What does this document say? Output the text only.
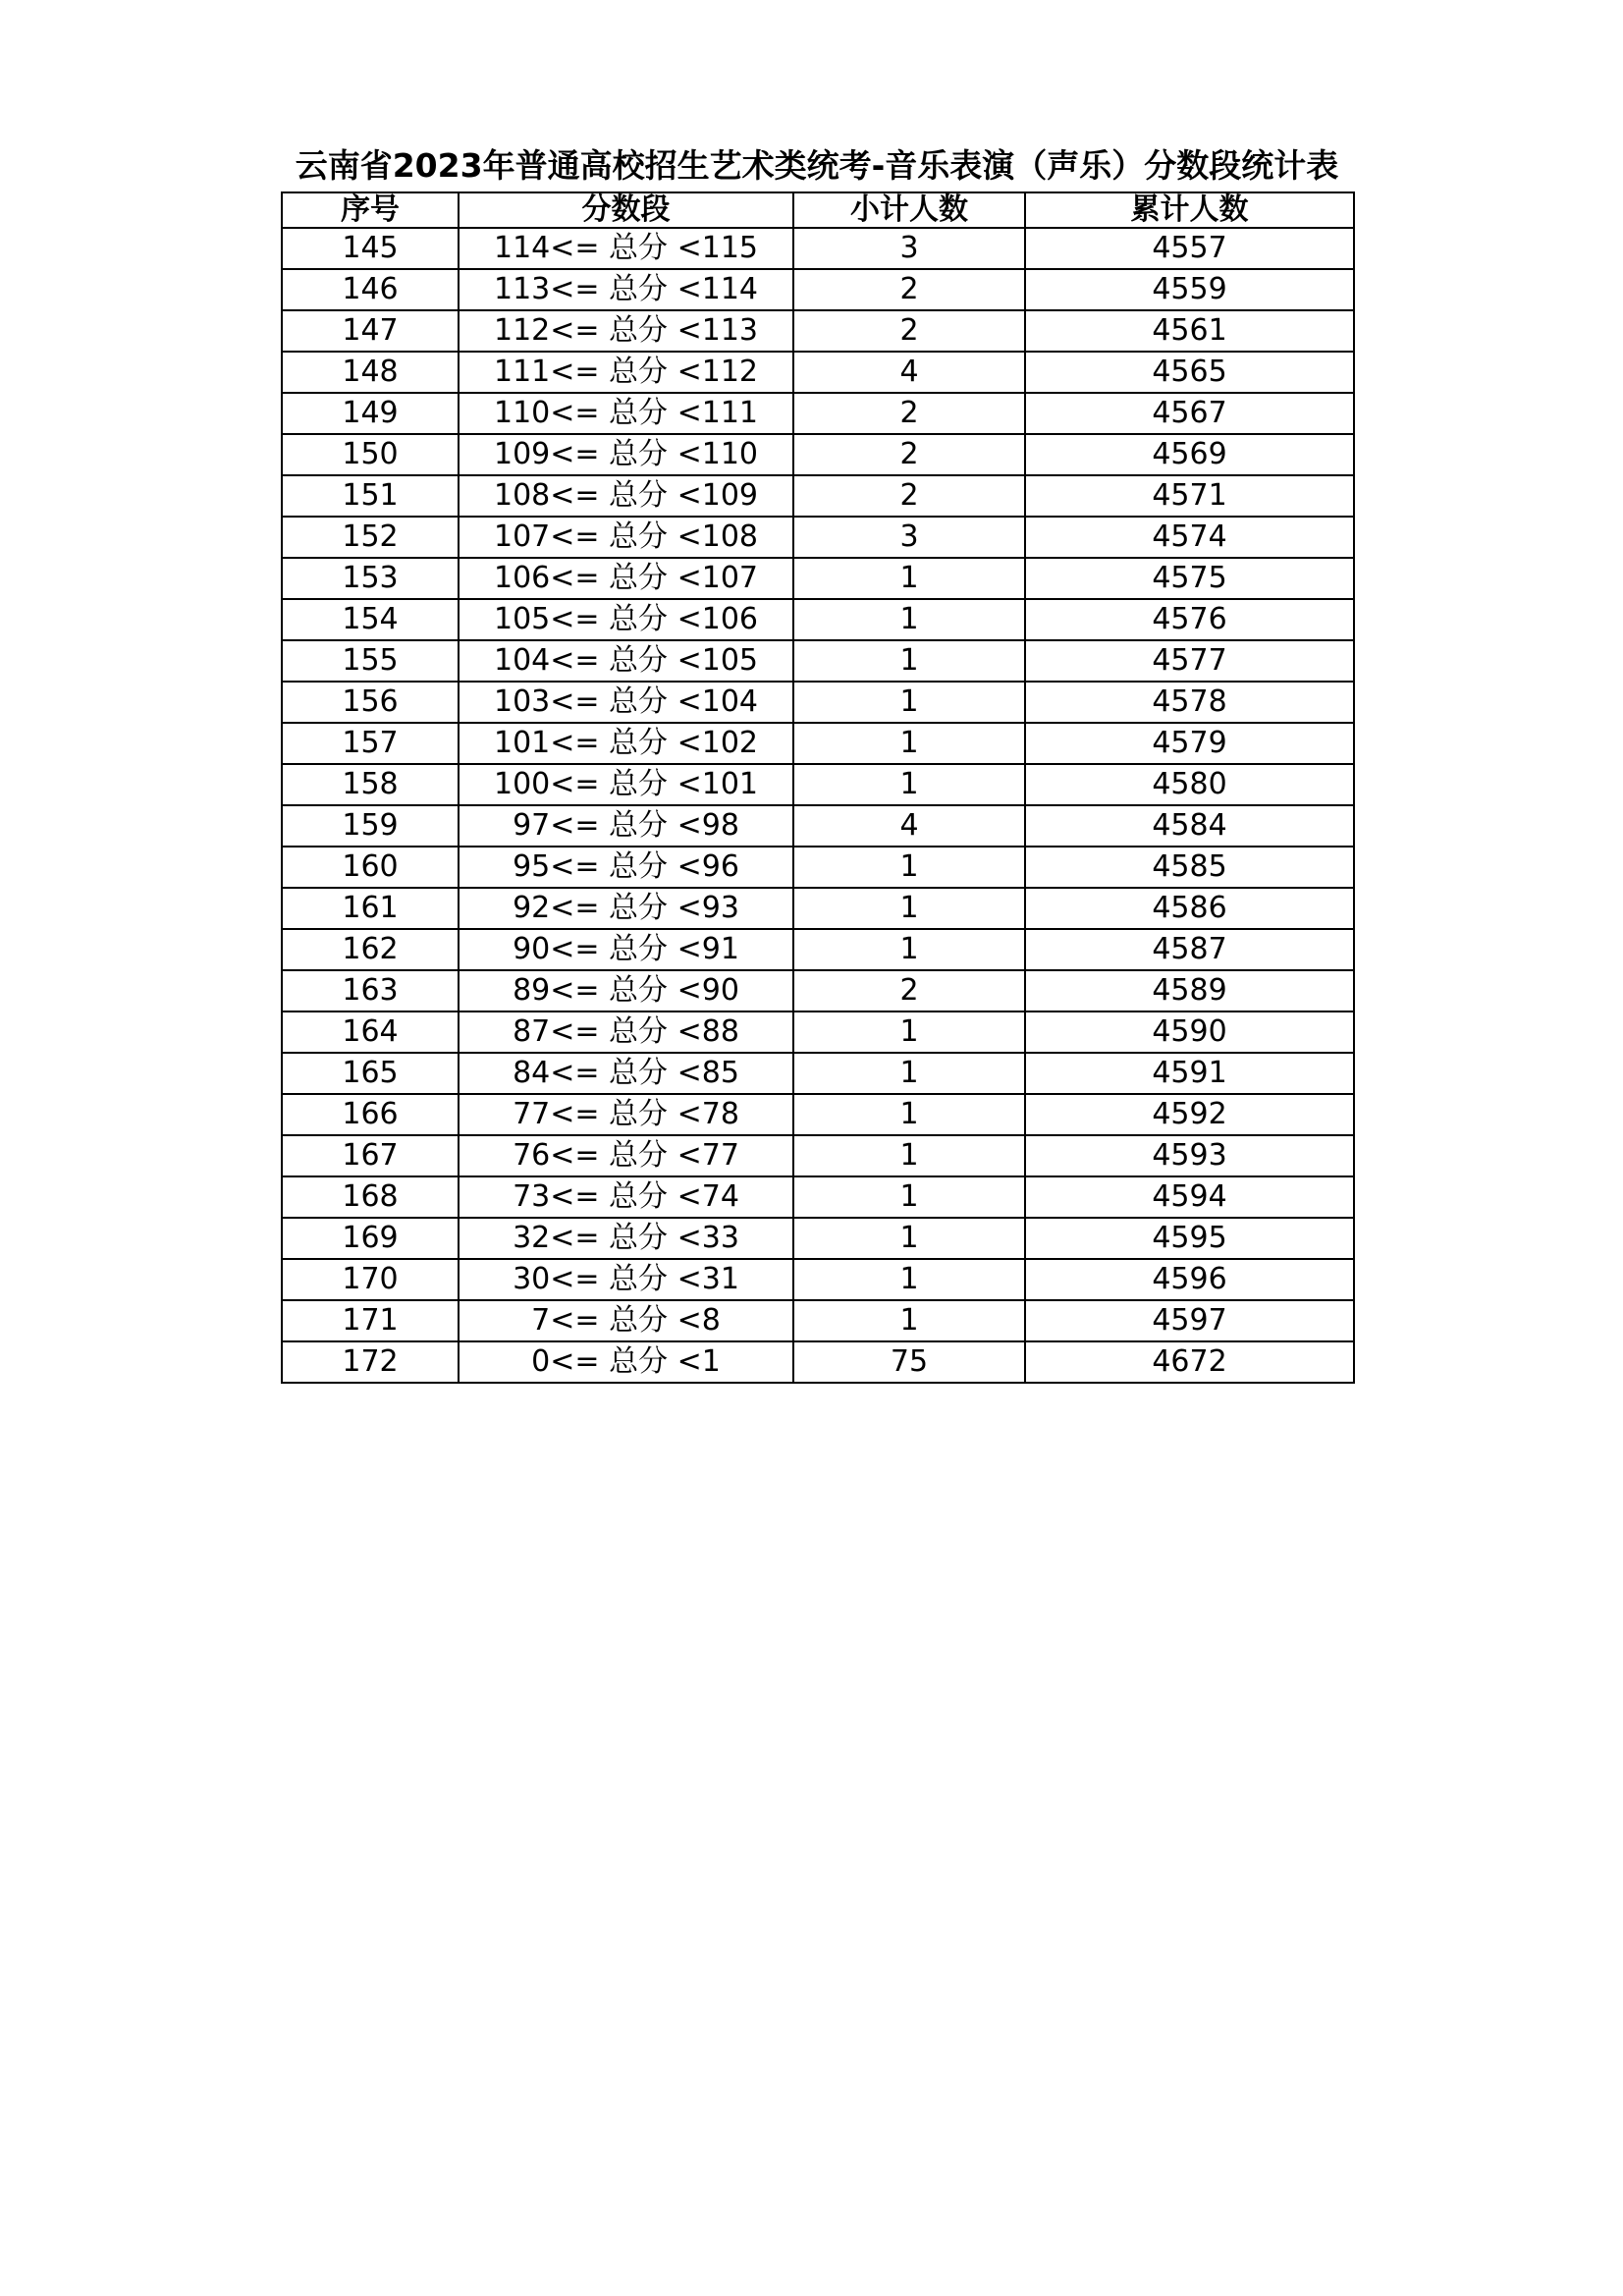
云南省2023年普通高校招生艺术类统考-音乐表演（声乐）分数段统计表
序号	分数段	小计人数	累计人数
145	114<= 总分 <115	3	4557
146	113<= 总分 <114	2	4559
147	112<= 总分 <113	2	4561
148	111<= 总分 <112	4	4565
149	110<= 总分 <111	2	4567
150	109<= 总分 <110	2	4569
151	108<= 总分 <109	2	4571
152	107<= 总分 <108	3	4574
153	106<= 总分 <107	1	4575
154	105<= 总分 <106	1	4576
155	104<= 总分 <105	1	4577
156	103<= 总分 <104	1	4578
157	101<= 总分 <102	1	4579
158	100<= 总分 <101	1	4580
159	97<= 总分 <98	4	4584
160	95<= 总分 <96	1	4585
161	92<= 总分 <93	1	4586
162	90<= 总分 <91	1	4587
163	89<= 总分 <90	2	4589
164	87<= 总分 <88	1	4590
165	84<= 总分 <85	1	4591
166	77<= 总分 <78	1	4592
167	76<= 总分 <77	1	4593
168	73<= 总分 <74	1	4594
169	32<= 总分 <33	1	4595
170	30<= 总分 <31	1	4596
171	7<= 总分 <8	1	4597
172	0<= 总分 <1	75	4672
